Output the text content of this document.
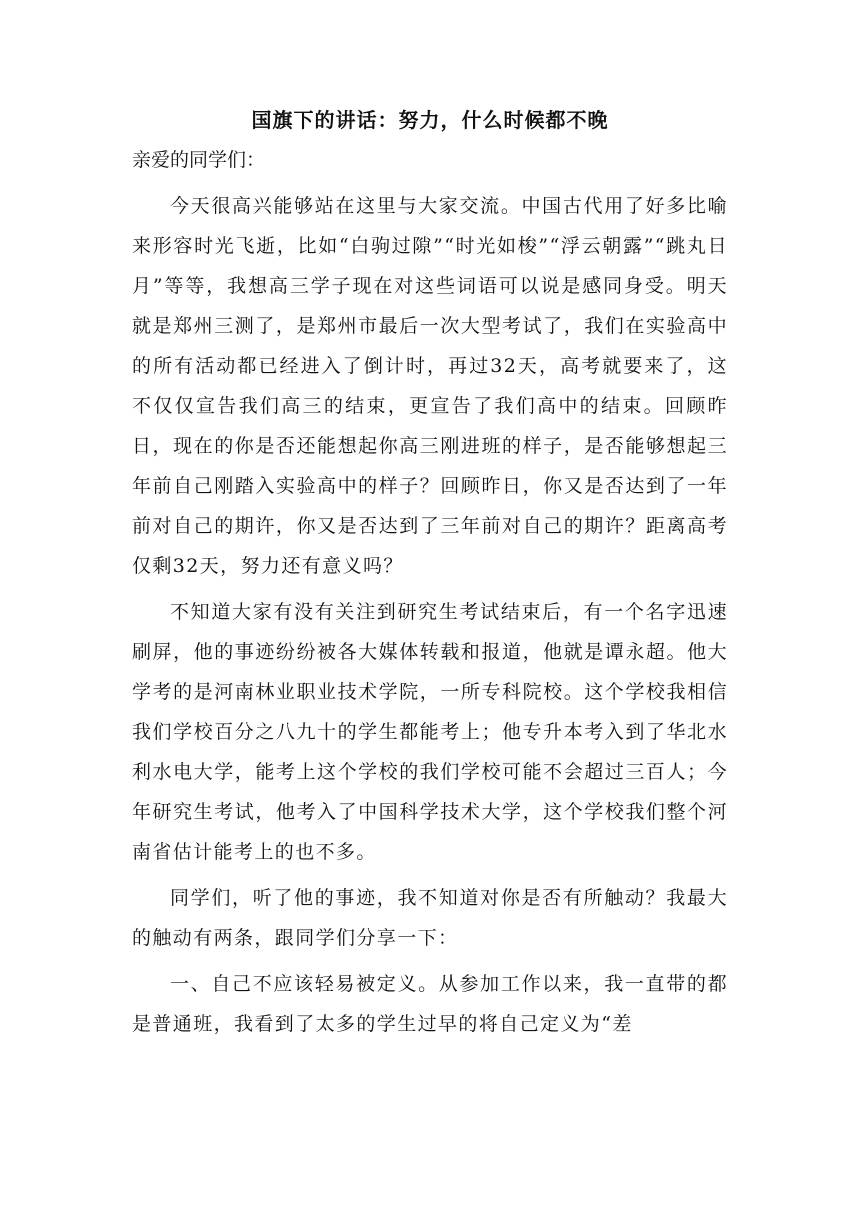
国旗下的讲话：努力，什么时候都不晚

亲爱的同学们：

今天很高兴能够站在这里与大家交流。中国古代用了好多比喻来形容时光飞逝，比如“白驹过隙”“时光如梭”“浮云朝露”“跳丸日月”等等，我想高三学子现在对这些词语可以说是感同身受。明天就是郑州三测了，是郑州市最后一次大型考试了，我们在实验高中的所有活动都已经进入了倒计时，再过32天，高考就要来了，这不仅仅宣告我们高三的结束，更宣告了我们高中的结束。回顾昨日，现在的你是否还能想起你高三刚进班的样子，是否能够想起三年前自己刚踏入实验高中的样子？回顾昨日，你又是否达到了一年前对自己的期许，你又是否达到了三年前对自己的期许？距离高考仅剩32天，努力还有意义吗？

不知道大家有没有关注到研究生考试结束后，有一个名字迅速刷屏，他的事迹纷纷被各大媒体转载和报道，他就是谭永超。他大学考的是河南林业职业技术学院，一所专科院校。这个学校我相信我们学校百分之八九十的学生都能考上；他专升本考入到了华北水利水电大学，能考上这个学校的我们学校可能不会超过三百人；今年研究生考试，他考入了中国科学技术大学，这个学校我们整个河南省估计能考上的也不多。

同学们，听了他的事迹，我不知道对你是否有所触动？我最大的触动有两条，跟同学们分享一下：

一、自己不应该轻易被定义。从参加工作以来，我一直带的都是普通班，我看到了太多的学生过早的将自己定义为“差
